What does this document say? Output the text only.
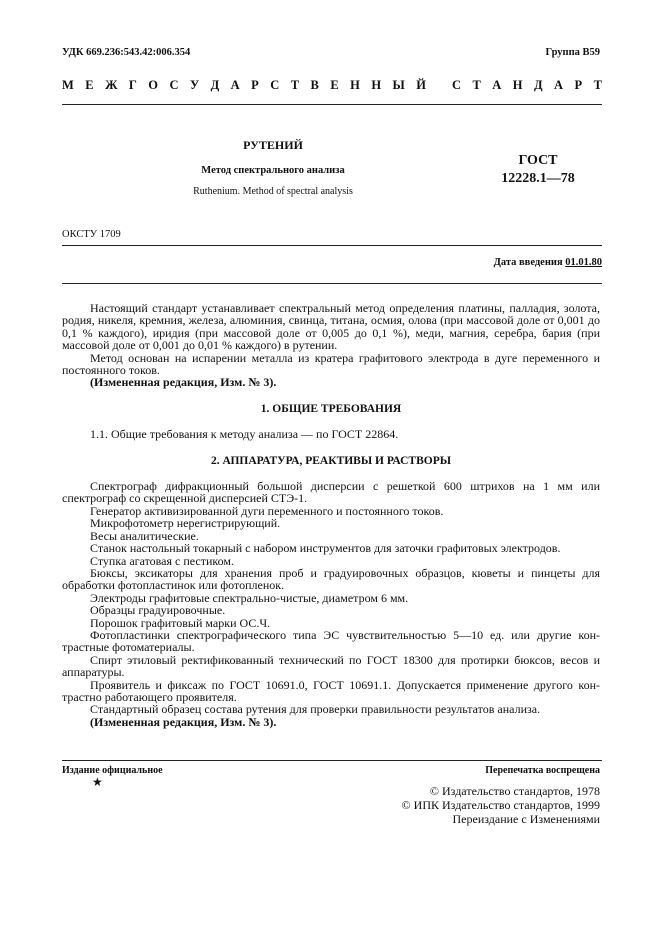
УДК 669.236:543.42:006.354	Группа B59
М Е Ж Г О С У Д А Р С Т В Е Н Н Ы Й
С Т А Н Д А Р Т
РУТЕНИЙ
Метод спектрального анализа
Ruthenium. Method of spectral analysis
ГОСТ
12228.1—78
ОКСТУ 1709
Дата введения 01.01.80

Настоящий стандарт устанавливает спектральный метод определения платины, палладия, золота, родия, никеля, кремния, железа, алюминия, свинца, титана, осмия, олова (при массовой доле от 0,001 до 0,1 % каждого), иридия (при массовой доле от 0,005 до 0,1 %), меди, магния, серебра, бария (при массовой доле от 0,001 до 0,01 % каждого) в рутении.

Метод основан на испарении металла из кратера графитового электрода в дуге переменного и постоянного токов.

(Измененная редакция, Изм. № 3).

1. ОБЩИЕ ТРЕБОВАНИЯ

1.1. Общие требования к методу анализа — по ГОСТ 22864.

2. АППАРАТУРА, РЕАКТИВЫ И РАСТВОРЫ

Спектрограф дифракционный большой дисперсии с решеткой 600 штрихов на 1 мм или спектрограф со скрещенной дисперсией СТЭ-1.

Генератор активизированной дуги переменного и постоянного токов.

Микрофотометр нерегистрирующий.

Весы аналитические.

Станок настольный токарный с набором инструментов для заточки графитовых электродов.

Ступка агатовая с пестиком.

Бюксы, эксикаторы для хранения проб и градуировочных образцов, кюветы и пинцеты для обработки фотопластинок или фотопленок.

Электроды графитовые спектрально-чистые, диаметром 6 мм.

Образцы градуировочные.

Порошок графитовый марки ОС.Ч.

Фотопластинки спектрографического типа ЭС чувствительностью 5—10 ед. или другие контрастные фотоматериалы.

Спирт этиловый ректификованный технический по ГОСТ 18300 для протирки бюксов, весов и аппаратуры.

Проявитель и фиксаж по ГОСТ 10691.0, ГОСТ 10691.1. Допускается применение другого контрастно работающего проявителя.

Стандартный образец состава рутения для проверки правильности результатов анализа.

(Измененная редакция, Изм. № 3).

Издание официальное
★
Перепечатка воспрещена
© Издательство стандартов, 1978
© ИПК Издательство стандартов, 1999
Переиздание с Изменениями
